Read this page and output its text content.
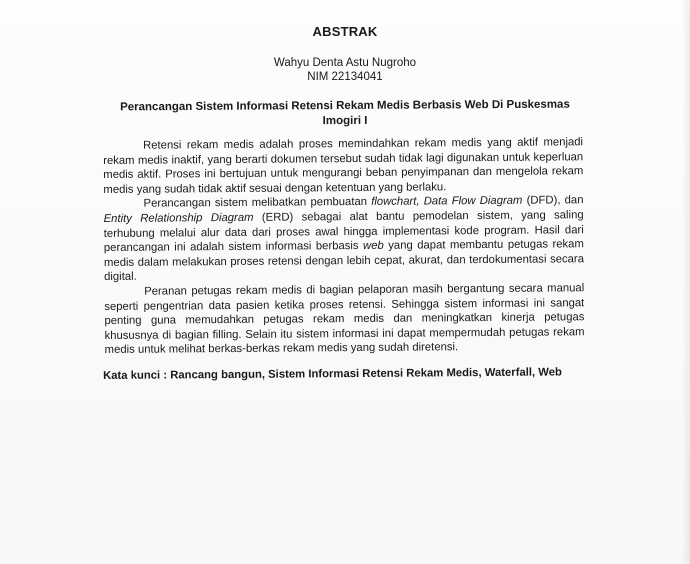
ABSTRAK
Wahyu Denta Astu Nugroho
NIM 22134041
Perancangan Sistem Informasi Retensi Rekam Medis Berbasis Web Di Puskesmas
Imogiri I

Retensi rekam medis adalah proses memindahkan rekam medis yang aktif menjadi rekam medis inaktif, yang berarti dokumen tersebut sudah tidak lagi digunakan untuk keperluan medis aktif. Proses ini bertujuan untuk mengurangi beban penyimpanan dan mengelola rekam medis yang sudah tidak aktif sesuai dengan ketentuan yang berlaku.

Perancangan sistem melibatkan pembuatan flowchart, Data Flow Diagram (DFD), dan Entity Relationship Diagram (ERD) sebagai alat bantu pemodelan sistem, yang saling terhubung melalui alur data dari proses awal hingga implementasi kode program. Hasil dari perancangan ini adalah sistem informasi berbasis web yang dapat membantu petugas rekam medis dalam melakukan proses retensi dengan lebih cepat, akurat, dan terdokumentasi secara digital.

Peranan petugas rekam medis di bagian pelaporan masih bergantung secara manual seperti pengentrian data pasien ketika proses retensi. Sehingga sistem informasi ini sangat penting guna memudahkan petugas rekam medis dan meningkatkan kinerja petugas khususnya di bagian filling. Selain itu sistem informasi ini dapat mempermudah petugas rekam medis untuk melihat berkas-berkas rekam medis yang sudah diretensi.

Kata kunci : Rancang bangun, Sistem Informasi Retensi Rekam Medis, Waterfall, Web
